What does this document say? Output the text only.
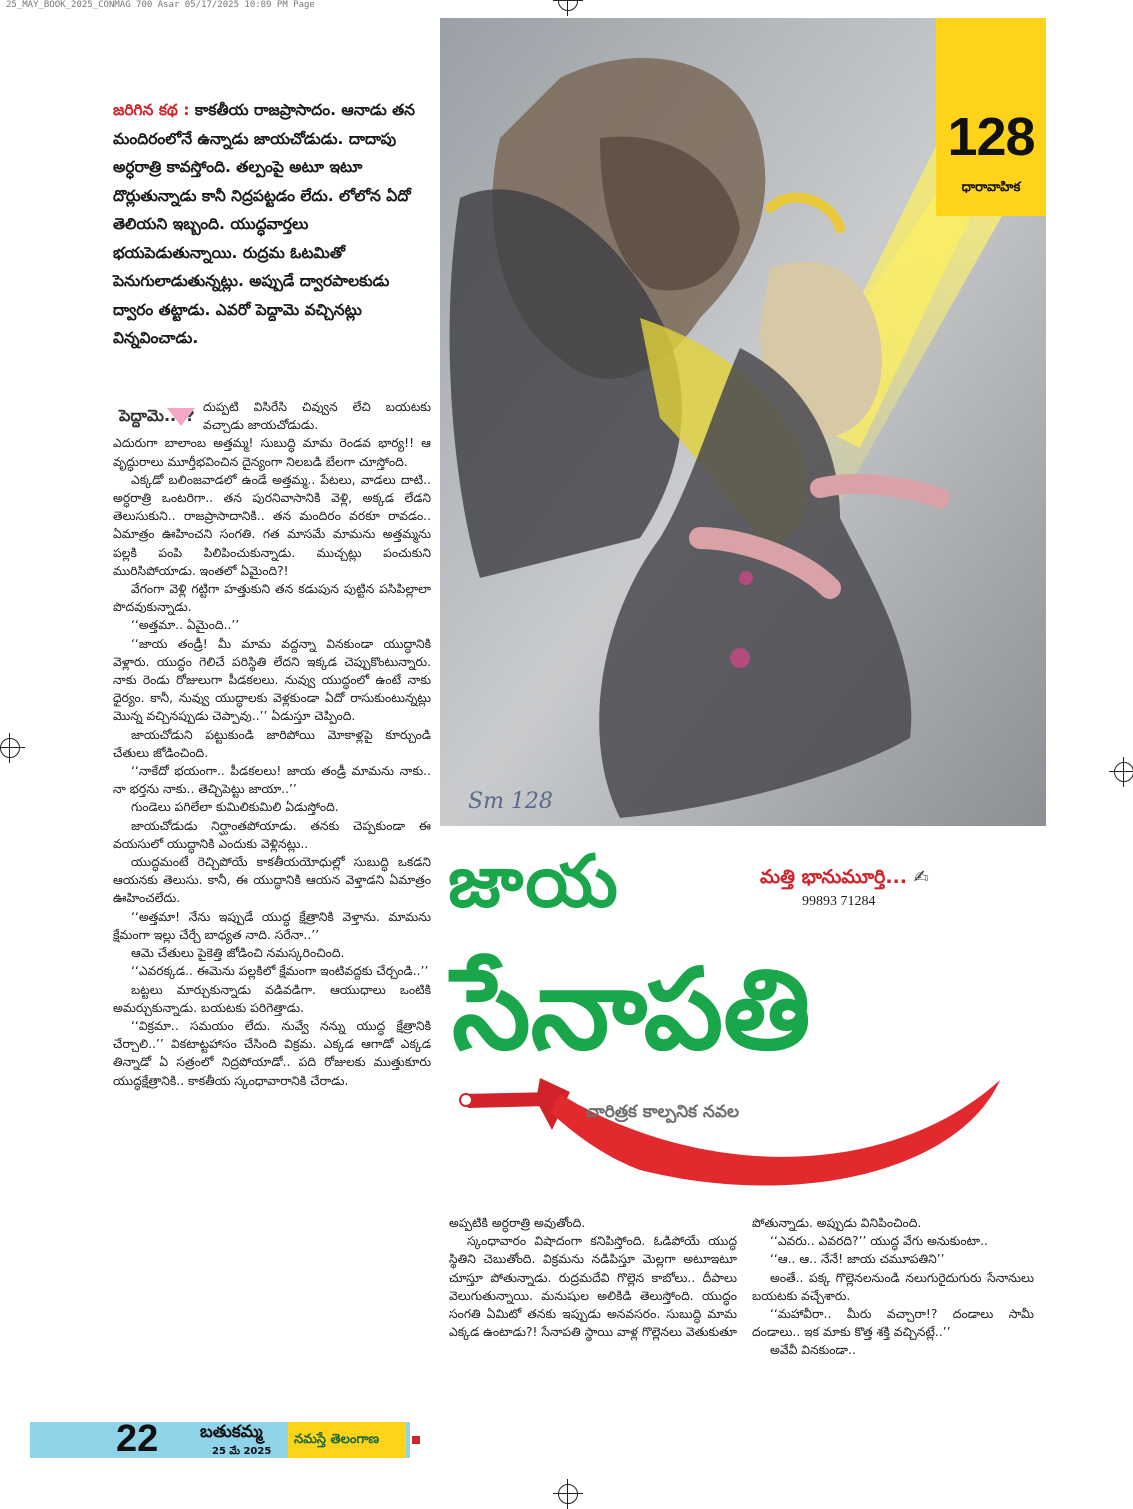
25_MAY_BOOK_2025_CONMAG 700 Asar 05/17/2025 10:09 PM Page
జరిగిన కథ : కాకతీయ రాజప్రాసాదం. ఆనాడు తన మందిరంలోనే ఉన్నాడు జాయచోడుడు. దాదాపు అర్ధరాత్రి కావస్తోంది. తల్పంపై అటూ ఇటూ దొర్లుతున్నాడు కానీ నిద్రపట్టడం లేదు. లోలోన ఏదో తెలియని ఇబ్బంది. యుద్ధవార్తలు భయపెడుతున్నాయి. రుద్రమ ఓటమితో పెనుగులాడుతున్నట్లు. అప్పుడే ద్వారపాలకుడు ద్వారం తట్టాడు. ఎవరో పెద్దామె వచ్చినట్లు విన్నవించాడు.
పెద్దామె..?? దుప్పటి విసిరేసి చివ్వున లేచి బయటకు వచ్చాడు జాయచోడుడు.

ఎదురుగా బాలాంబ అత్తమ్మ! సుబుద్ధి మామ రెండవ భార్య!! ఆ వృద్ధురాలు మూర్తీభవించిన దైన్యంగా నిలబడి బేలగా చూస్తోంది.

ఎక్కడో బలింజవాడలో ఉండే అత్తమ్మ.. పేటలు, వాడలు దాటి.. అర్ధరాత్రి ఒంటరిగా.. తన పురనివాసానికి వెళ్లి, అక్కడ లేడని తెలుసుకుని.. రాజప్రాసాదానికి.. తన మందిరం వరకూ రావడం.. ఏమాత్రం ఊహించని సంగతి. గత మాసమే మామను అత్తమ్మను పల్లకి పంపి పిలిపించుకున్నాడు. ముచ్చట్లు పంచుకుని మురిసిపోయాడు. ఇంతలో ఏమైంది?!

వేగంగా వెళ్లి గట్టిగా హత్తుకుని తన కడుపున పుట్టిన పసిపిల్లాలా పొదవుకున్నాడు.

‘‘అత్తమా.. ఏమైంది..’’

‘‘జాయ తండ్రీ! మీ మామ వద్దన్నా వినకుండా యుద్ధానికి వెళ్లారు. యుద్ధం గెలిచే పరిస్థితి లేదని ఇక్కడ చెప్పుకొంటున్నారు. నాకు రెండు రోజులుగా పీడకలలు. నువ్వు యుద్ధంలో ఉంటే నాకు ధైర్యం. కానీ, నువ్వు యుద్ధాలకు వెళ్లకుండా ఏదో రాసుకుంటున్నట్లు మొన్న వచ్చినప్పుడు చెప్పావు..’’ ఏడుస్తూ చెప్పింది.

జాయచోడుని పట్టుకుండి జారిపోయి మోకాళ్లపై కూర్చుండి చేతులు జోడించింది.

‘‘నాకేదో భయంగా.. పీడకలలు! జాయ తండ్రీ మామను నాకు.. నా భర్తను నాకు.. తెచ్చిపెట్టు జాయా..’’

గుండెలు పగిలేలా కుమిలికుమిలి ఏడుస్తోంది.

జాయచోడుడు నిర్ఘాంతపోయాడు. తనకు చెప్పకుండా ఈ వయసులో యుద్ధానికి ఎందుకు వెళ్లినట్లు..

యుద్ధమంటే రెచ్చిపోయే కాకతీయయోధుల్లో సుబుద్ధి ఒకడని ఆయనకు తెలుసు. కానీ, ఈ యుద్ధానికి ఆయన వెళ్తాడని ఏమాత్రం ఊహించలేదు.

‘‘అత్తమా! నేను ఇప్పుడే యుద్ధ క్షేత్రానికి వెళ్తాను. మామను క్షేమంగా ఇల్లు చేర్చే బాధ్యత నాది. సరేనా..’’

ఆమె చేతులు పైకెత్తి జోడించి నమస్కరించింది.

‘‘ఎవరక్కడ.. ఈమెను పల్లకిలో క్షేమంగా ఇంటివద్దకు చేర్చండి..’’

బట్టలు మార్చుకున్నాడు వడివడిగా. ఆయుధాలు ఒంటికి అమర్చుకున్నాడు. బయటకు పరిగెత్తాడు.

‘‘విక్రమా.. సమయం లేదు. నువ్వే నన్ను యుద్ధ క్షేత్రానికి చేర్చాలి..’’ వికటాట్టహాసం చేసింది విక్రమ. ఎక్కడ ఆగాడో ఎక్కడ తిన్నాడో ఏ సత్రంలో నిద్రపోయాడో.. పది రోజులకు ముత్తుకూరు యుద్ధక్షేత్రానికి.. కాకతీయ స్కంధావారానికి చేరాడు.

Sm 128
128
ధారావాహిక
జాయ	మత్తి భానుమూర్తి... ✍
99893 71284
సేనాపతి
చారిత్రక కాల్పనిక నవల

అప్పటికి అర్ధరాత్రి అవుతోంది.

స్కంధావారం విషాదంగా కనిపిస్తోంది. ఓడిపోయే యుద్ధ స్థితిని చెబుతోంది. విక్రమను నడిపిస్తూ మెల్లగా అటూఇటూ చూస్తూ పోతున్నాడు. రుద్రమదేవి గొల్లెన కాబోలు.. దీపాలు వెలుగుతున్నాయి. మనుషుల అలికిడి తెలుస్తోంది. యుద్ధం సంగతి ఏమిటో తనకు ఇప్పుడు అనవసరం. సుబుద్ధి మామ ఎక్కడ ఉంటాడు?! సేనాపతి స్థాయి వాళ్ల గొల్లెనలు వెతుకుతూ

పోతున్నాడు. అప్పుడు వినిపించింది.

‘‘ఎవరు.. ఎవరది?’’ యుద్ధ వేగు అనుకుంటా..

‘‘ఆ.. ఆ.. నేనే! జాయ చమూపతిని’’

అంతే.. పక్క గొల్లెనలనుండి నలుగురైదుగురు సేనానులు బయటకు వచ్చేశారు.

‘‘మహావీరా.. మీరు వచ్చారా!? దండాలు సామీ దండాలు.. ఇక మాకు కొత్త శక్తి వచ్చినట్లే..’’

అవేవీ వినకుండా..

22 బతుకమ్మ
25 మే 2025
నమస్తే తెలంగాణ
